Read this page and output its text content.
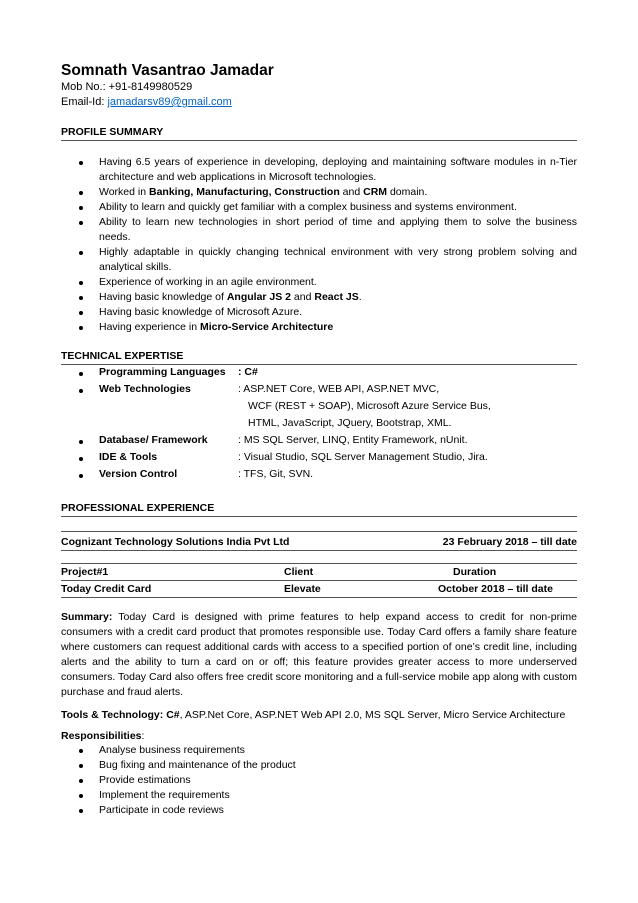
Somnath Vasantrao Jamadar
Mob No.: +91-8149980529
Email-Id: jamadarsv89@gmail.com
PROFILE SUMMARY
Having 6.5 years of experience in developing, deploying and maintaining software modules in n-Tier architecture and web applications in Microsoft technologies.
Worked in Banking, Manufacturing, Construction and CRM domain.
Ability to learn and quickly get familiar with a complex business and systems environment.
Ability to learn new technologies in short period of time and applying them to solve the business needs.
Highly adaptable in quickly changing technical environment with very strong problem solving and analytical skills.
Experience of working in an agile environment.
Having basic knowledge of Angular JS 2 and React JS.
Having basic knowledge of Microsoft Azure.
Having experience in Micro-Service Architecture
TECHNICAL EXPERTISE
Programming Languages : C#
Web Technologies	: ASP.NET Core, WEB API, ASP.NET MVC,
WCF (REST + SOAP), Microsoft Azure Service Bus,
HTML, JavaScript, JQuery, Bootstrap, XML.
Database/ Framework	: MS SQL Server, LINQ, Entity Framework, nUnit.
IDE & Tools	: Visual Studio, SQL Server Management Studio, Jira.
Version Control	: TFS, Git, SVN.
PROFESSIONAL EXPERIENCE
Cognizant Technology Solutions India Pvt Ltd	23 February 2018 – till date
Project#1	Client	Duration
Today Credit Card	Elevate	October 2018 – till date
Summary: Today Card is designed with prime features to help expand access to credit for non-prime consumers with a credit card product that promotes responsible use. Today Card offers a family share feature where customers can request additional cards with access to a specified portion of one’s credit line, including alerts and the ability to turn a card on or off; this feature provides greater access to more underserved consumers. Today Card also offers free credit score monitoring and a full-service mobile app along with custom purchase and fraud alerts.
Tools & Technology: C#, ASP.Net Core, ASP.NET Web API 2.0, MS SQL Server, Micro Service Architecture
Responsibilities:
Analyse business requirements
Bug fixing and maintenance of the product
Provide estimations
Implement the requirements
Participate in code reviews
